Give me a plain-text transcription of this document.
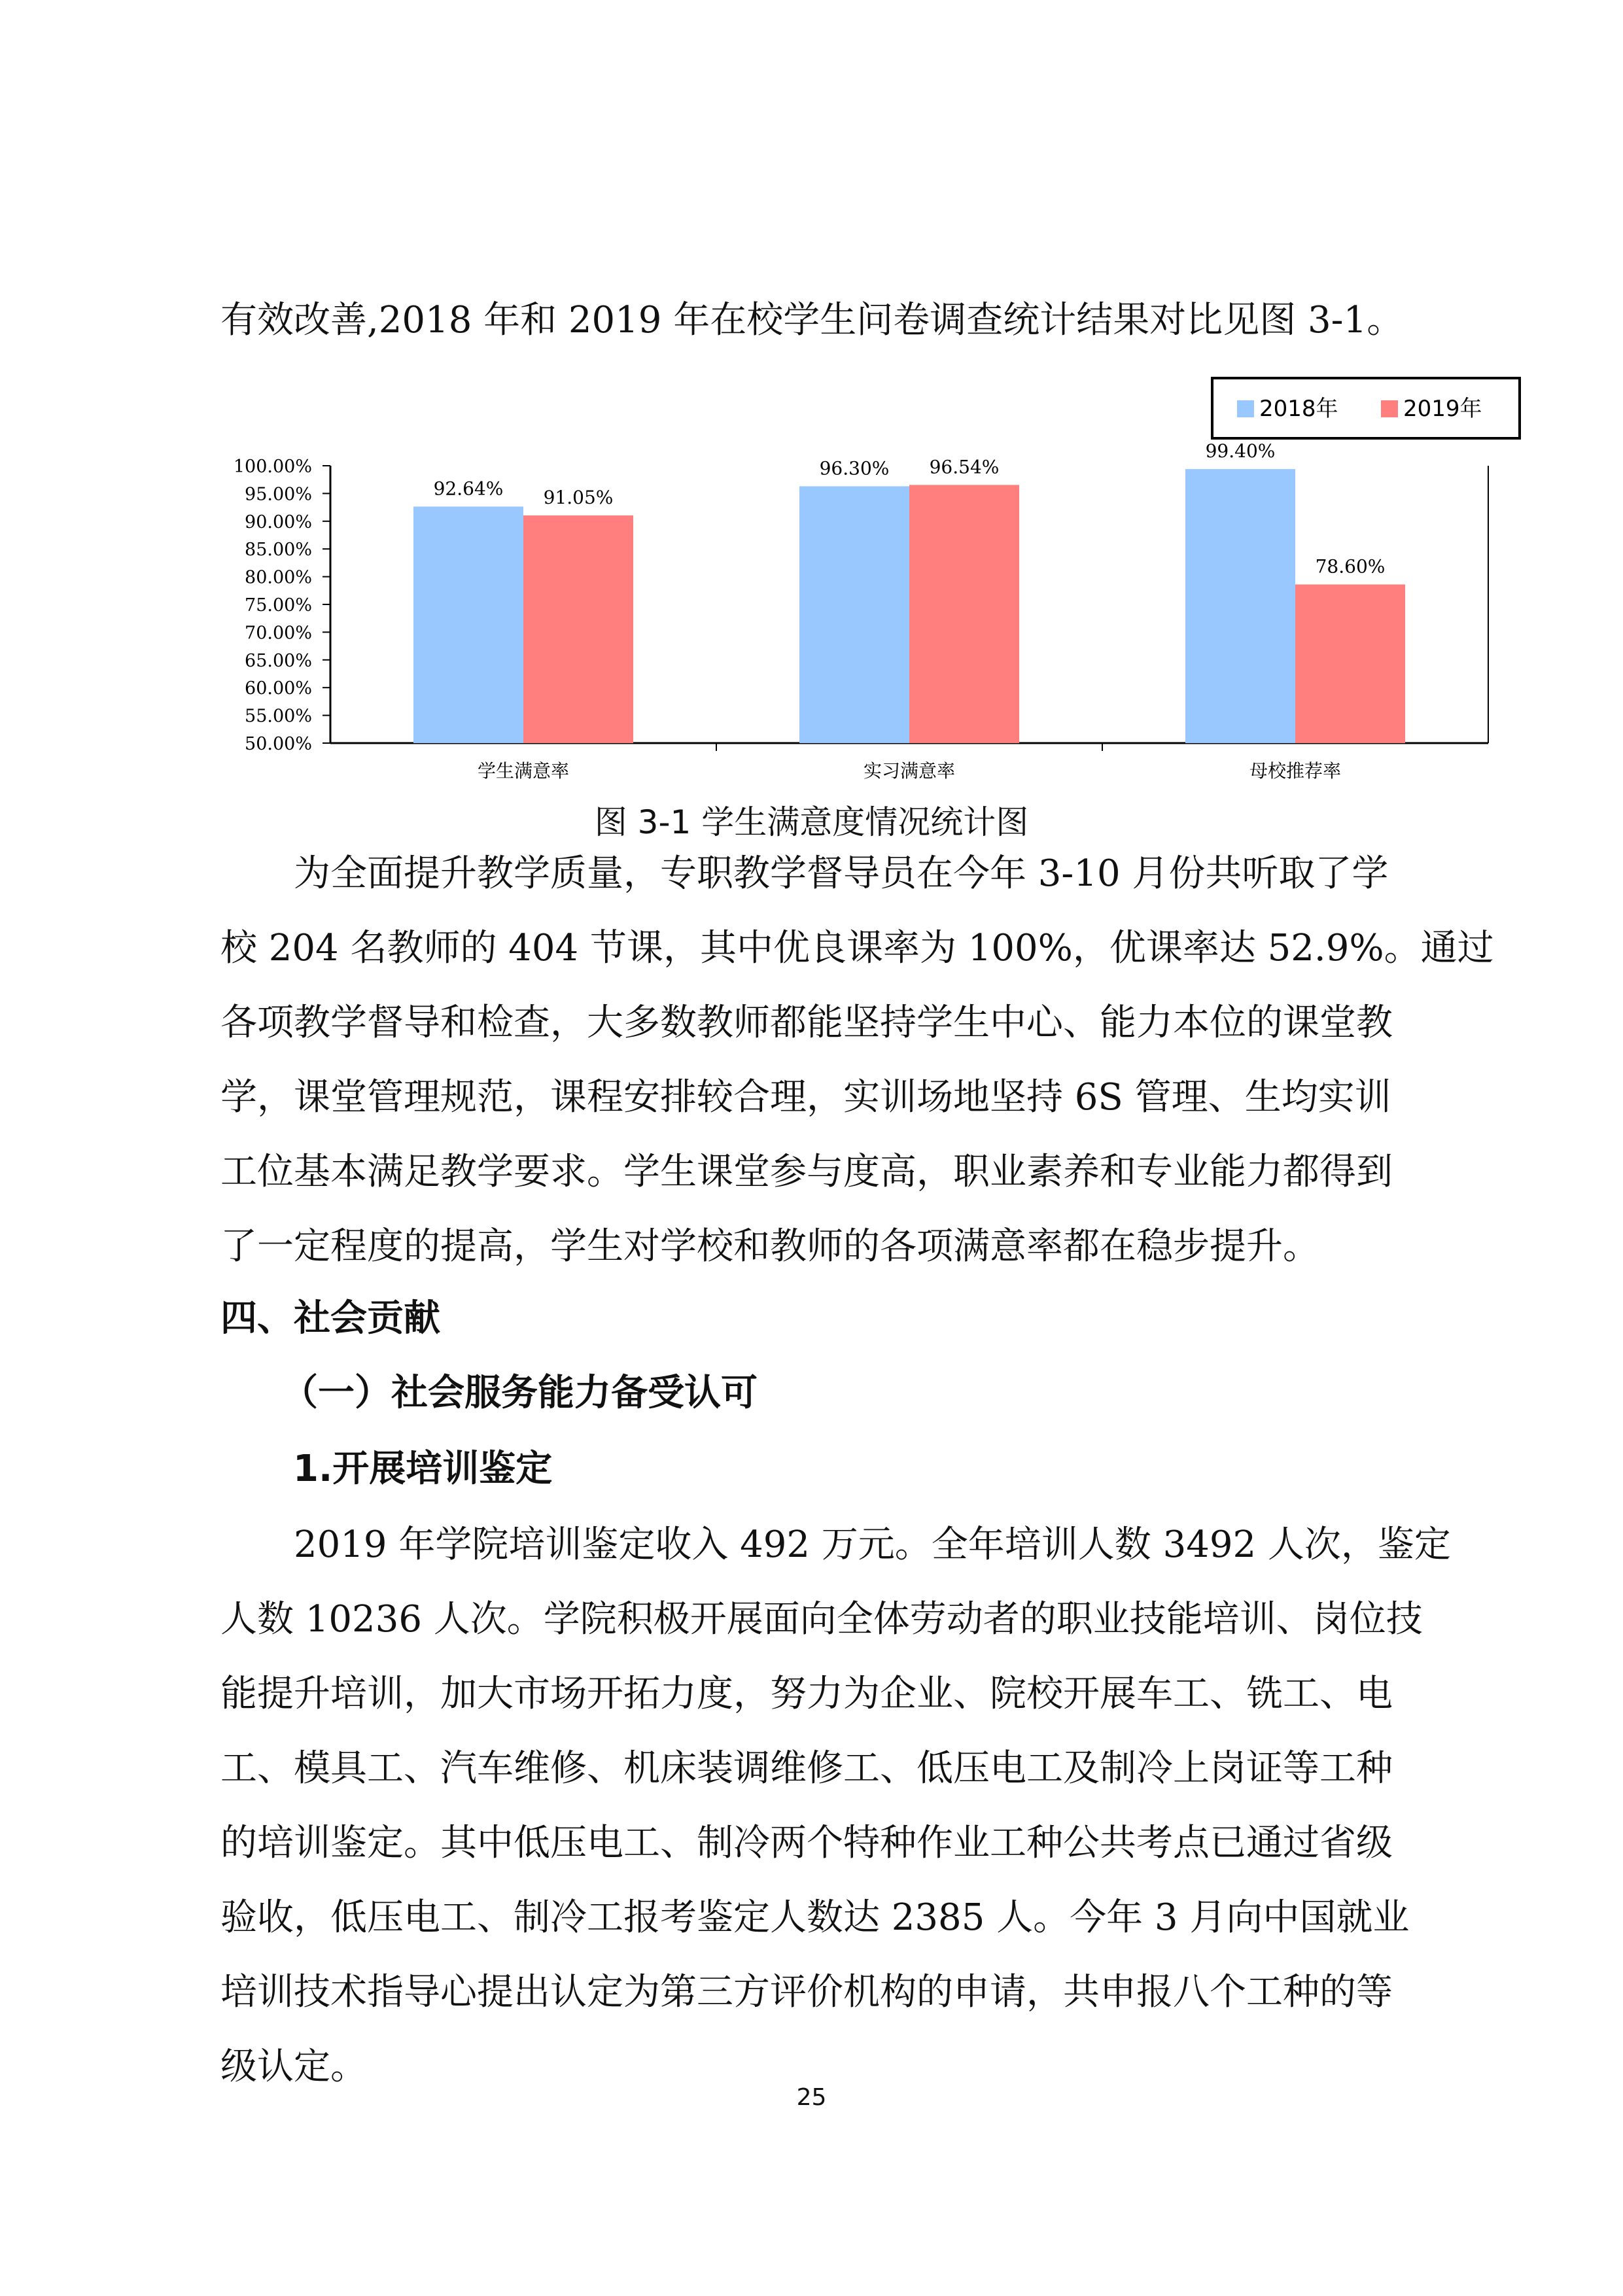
有效改善,2018 年和 2019 年在校学生问卷调查统计结果对比见图 3-1。
100.00%
95.00%
90.00%
85.00%
80.00%
75.00%
70.00%
65.00%
60.00%
55.00%
50.00%
92.64% 91.05%
学生满意率
96.30% 96.54%
实习满意率
99.40%
78.60%
母校推荐率
2018年	2019年
图 3-1 学生满意度情况统计图
为全面提升教学质量，专职教学督导员在今年 3-10 月份共听取了学
校 204 名教师的 404 节课，其中优良课率为 100%，优课率达 52.9%。通过
各项教学督导和检查，大多数教师都能坚持学生中心、能力本位的课堂教
学，课堂管理规范，课程安排较合理，实训场地坚持 6S 管理、生均实训
工位基本满足教学要求。学生课堂参与度高，职业素养和专业能力都得到
了一定程度的提高，学生对学校和教师的各项满意率都在稳步提升。
四、社会贡献
（一）社会服务能力备受认可
1.开展培训鉴定
2019 年学院培训鉴定收入 492 万元。全年培训人数 3492 人次，鉴定
人数 10236 人次。学院积极开展面向全体劳动者的职业技能培训、岗位技
能提升培训，加大市场开拓力度，努力为企业、院校开展车工、铣工、电
工、模具工、汽车维修、机床装调维修工、低压电工及制冷上岗证等工种
的培训鉴定。其中低压电工、制冷两个特种作业工种公共考点已通过省级
验收，低压电工、制冷工报考鉴定人数达 2385 人。今年 3 月向中国就业
培训技术指导心提出认定为第三方评价机构的申请，共申报八个工种的等
级认定。
25
